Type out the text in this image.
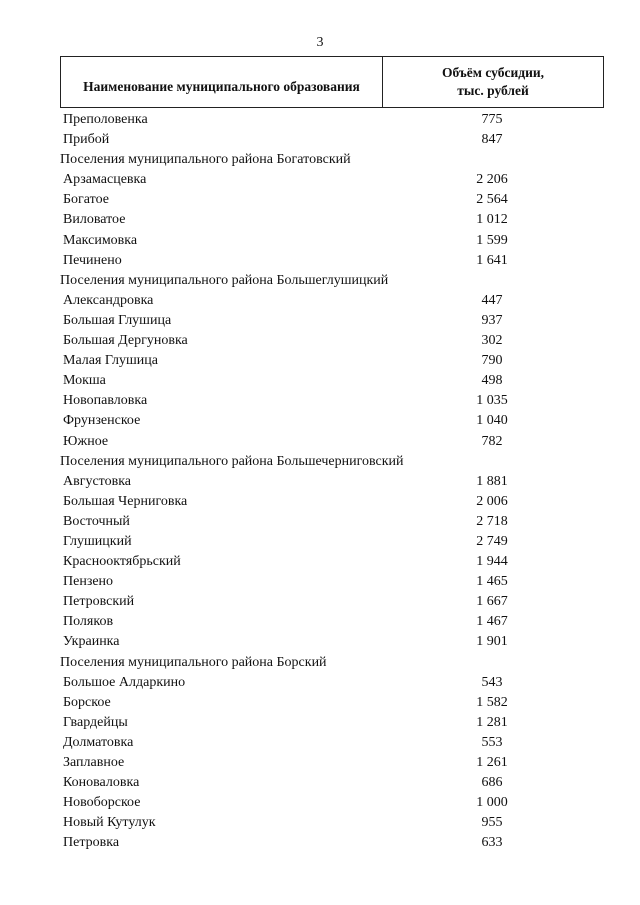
3
Наименование муниципального образования
Объём субсидии,
тыс. рублей
Преполовенка	775
Прибой	847
Поселения муниципального района Богатовский
Арзамасцевка	2 206
Богатое	2 564
Виловатое	1 012
Максимовка	1 599
Печинено	1 641
Поселения муниципального района Большеглушицкий
Александровка	447
Большая Глушица	937
Большая Дергуновка	302
Малая Глушица	790
Мокша	498
Новопавловка	1 035
Фрунзенское	1 040
Южное	782
Поселения муниципального района Большечерниговский
Августовка	1 881
Большая Черниговка	2 006
Восточный	2 718
Глушицкий	2 749
Краснооктябрьский	1 944
Пензено	1 465
Петровский	1 667
Поляков	1 467
Украинка	1 901
Поселения муниципального района Борский
Большое Алдаркино	543
Борское	1 582
Гвардейцы	1 281
Долматовка	553
Заплавное	1 261
Коноваловка	686
Новоборское	1 000
Новый Кутулук	955
Петровка	633
